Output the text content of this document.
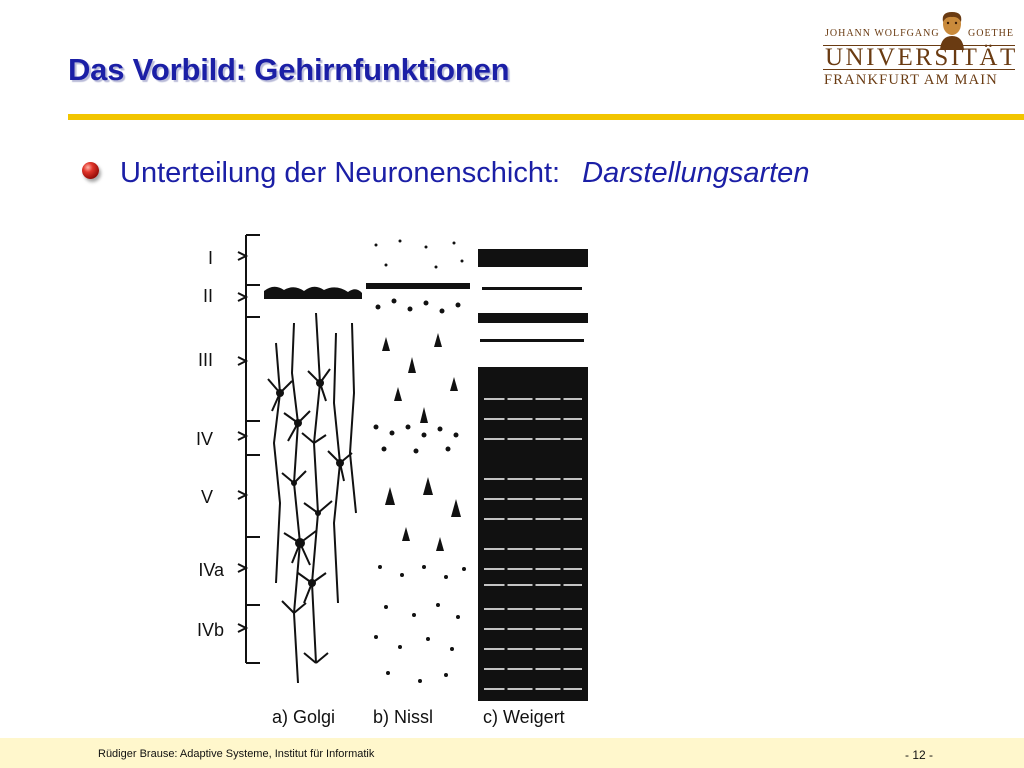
Das Vorbild: Gehirnfunktionen
JOHANN WOLFGANG	GOETHE
UNIVERSITÄT
FRANKFURT AM MAIN
Unterteilung der Neuronenschicht: Darstellungsarten
I
II
III
IV
V
IVa
IVb
a) Golgi b) Nissl	c) Weigert
Rüdiger Brause: Adaptive Systeme, Institut für Informatik	- 12 -
